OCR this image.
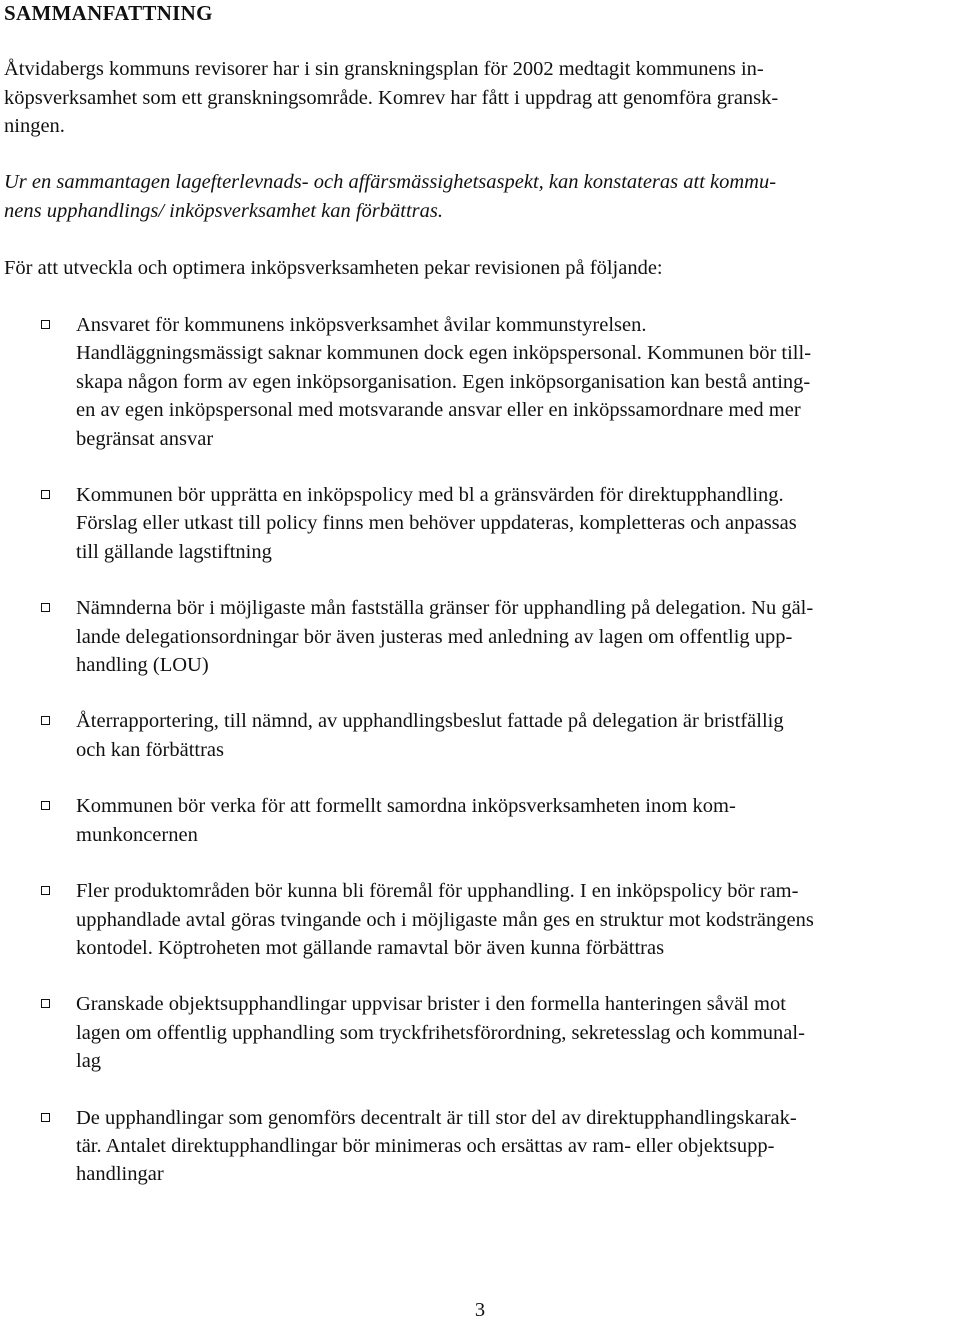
SAMMANFATTNING

Åtvidabergs kommuns revisorer har i sin granskningsplan för 2002 medtagit kommunens in-
köpsverksamhet som ett granskningsområde. Komrev har fått i uppdrag att genomföra gransk-
ningen.

Ur en sammantagen lagefterlevnads- och affärsmässighetsaspekt, kan konstateras att kommu-
nens upphandlings/ inköpsverksamhet kan förbättras.

För att utveckla och optimera inköpsverksamheten pekar revisionen på följande:

Ansvaret för kommunens inköpsverksamhet åvilar kommunstyrelsen.
Handläggningsmässigt saknar kommunen dock egen inköpspersonal. Kommunen bör till-
skapa någon form av egen inköpsorganisation. Egen inköpsorganisation kan bestå anting-
en av egen inköpspersonal med motsvarande ansvar eller en inköpssamordnare med mer
begränsat ansvar
Kommunen bör upprätta en inköpspolicy med bl a gränsvärden för direktupphandling.
Förslag eller utkast till policy finns men behöver uppdateras, kompletteras och anpassas
till gällande lagstiftning
Nämnderna bör i möjligaste mån fastställa gränser för upphandling på delegation. Nu gäl-
lande delegationsordningar bör även justeras med anledning av lagen om offentlig upp-
handling (LOU)
Återrapportering, till nämnd, av upphandlingsbeslut fattade på delegation är bristfällig
och kan förbättras
Kommunen bör verka för att formellt samordna inköpsverksamheten inom kom-
munkoncernen
Fler produktområden bör kunna bli föremål för upphandling. I en inköpspolicy bör ram-
upphandlade avtal göras tvingande och i möjligaste mån ges en struktur mot kodsträngens
kontodel. Köptroheten mot gällande ramavtal bör även kunna förbättras
Granskade objektsupphandlingar uppvisar brister i den formella hanteringen såväl mot
lagen om offentlig upphandling som tryckfrihetsförordning, sekretesslag och kommunal-
lag
De upphandlingar som genomförs decentralt är till stor del av direktupphandlingskarak-
tär. Antalet direktupphandlingar bör minimeras och ersättas av ram- eller objektsupp-
handlingar
3
